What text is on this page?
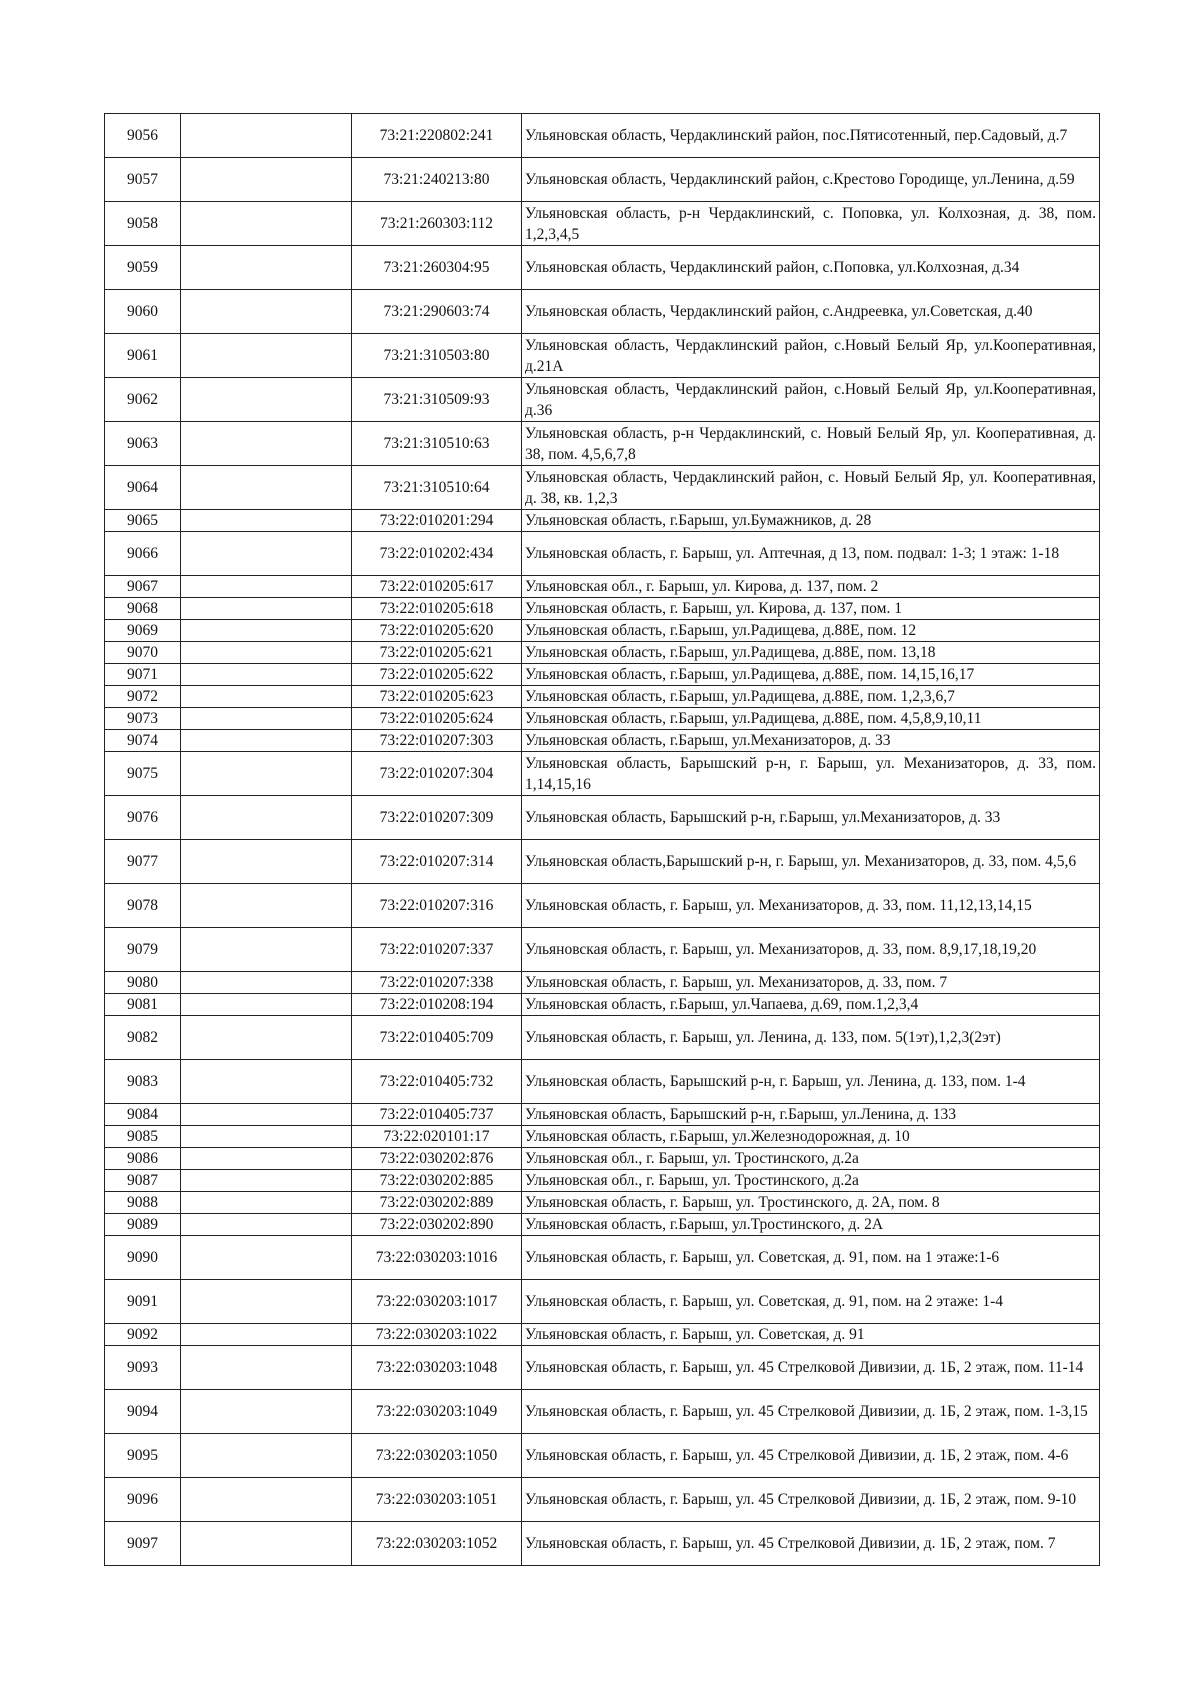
9056		73:21:220802:241	Ульяновская область, Чердаклинский район, пос.Пятисотенный, пер.Садовый, д.7
9057		73:21:240213:80	Ульяновская область, Чердаклинский район, с.Крестово Городище, ул.Ленина, д.59
9058		73:21:260303:112	Ульяновская область, р-н Чердаклинский, с. Поповка, ул. Колхозная, д. 38, пом. 1,2,3,4,5
9059		73:21:260304:95	Ульяновская область, Чердаклинский район, с.Поповка, ул.Колхозная, д.34
9060		73:21:290603:74	Ульяновская область, Чердаклинский район, с.Андреевка, ул.Советская, д.40
9061		73:21:310503:80	Ульяновская область, Чердаклинский район, с.Новый Белый Яр, ул.Кооперативная, д.21А
9062		73:21:310509:93	Ульяновская область, Чердаклинский район, с.Новый Белый Яр, ул.Кооперативная, д.36
9063		73:21:310510:63	Ульяновская область, р-н Чердаклинский, с. Новый Белый Яр, ул. Кооперативная, д. 38, пом. 4,5,6,7,8
9064		73:21:310510:64	Ульяновская область, Чердаклинский район, с. Новый Белый Яр, ул. Кооперативная, д. 38, кв. 1,2,3
9065		73:22:010201:294	Ульяновская область, г.Барыш, ул.Бумажников, д. 28
9066		73:22:010202:434	Ульяновская область, г. Барыш, ул. Аптечная, д 13, пом. подвал: 1-3; 1 этаж: 1-18
9067		73:22:010205:617	Ульяновская обл., г. Барыш, ул. Кирова, д. 137, пом. 2
9068		73:22:010205:618	Ульяновская область, г. Барыш, ул. Кирова, д. 137, пом. 1
9069		73:22:010205:620	Ульяновская область, г.Барыш, ул.Радищева, д.88Е, пом. 12
9070		73:22:010205:621	Ульяновская область, г.Барыш, ул.Радищева, д.88Е, пом. 13,18
9071		73:22:010205:622	Ульяновская область, г.Барыш, ул.Радищева, д.88Е, пом. 14,15,16,17
9072		73:22:010205:623	Ульяновская область, г.Барыш, ул.Радищева, д.88Е, пом. 1,2,3,6,7
9073		73:22:010205:624	Ульяновская область, г.Барыш, ул.Радищева, д.88Е, пом. 4,5,8,9,10,11
9074		73:22:010207:303	Ульяновская область, г.Барыш, ул.Механизаторов, д. 33
9075		73:22:010207:304	Ульяновская область, Барышский р-н, г. Барыш, ул. Механизаторов, д. 33, пом. 1,14,15,16
9076		73:22:010207:309	Ульяновская область, Барышский р-н, г.Барыш, ул.Механизаторов, д. 33
9077		73:22:010207:314	Ульяновская область,Барышский р-н, г. Барыш, ул. Механизаторов, д. 33, пом. 4,5,6
9078		73:22:010207:316	Ульяновская область, г. Барыш, ул. Механизаторов, д. 33, пом. 11,12,13,14,15
9079		73:22:010207:337	Ульяновская область, г. Барыш, ул. Механизаторов, д. 33, пом. 8,9,17,18,19,20
9080		73:22:010207:338	Ульяновская область, г. Барыш, ул. Механизаторов, д. 33, пом. 7
9081		73:22:010208:194	Ульяновская область, г.Барыш, ул.Чапаева, д.69, пом.1,2,3,4
9082		73:22:010405:709	Ульяновская область, г. Барыш, ул. Ленина, д. 133, пом. 5(1эт),1,2,3(2эт)
9083		73:22:010405:732	Ульяновская область, Барышский р-н, г. Барыш, ул. Ленина, д. 133, пом. 1-4
9084		73:22:010405:737	Ульяновская область, Барышский р-н, г.Барыш, ул.Ленина, д. 133
9085		73:22:020101:17	Ульяновская область, г.Барыш, ул.Железнодорожная, д. 10
9086		73:22:030202:876	Ульяновская обл., г. Барыш, ул. Тростинского, д.2а
9087		73:22:030202:885	Ульяновская обл., г. Барыш, ул. Тростинского, д.2а
9088		73:22:030202:889	Ульяновская область, г. Барыш, ул. Тростинского, д. 2А, пом. 8
9089		73:22:030202:890	Ульяновская область, г.Барыш, ул.Тростинского, д. 2А
9090		73:22:030203:1016	Ульяновская область, г. Барыш, ул. Советская, д. 91, пом. на 1 этаже:1-6
9091		73:22:030203:1017	Ульяновская область, г. Барыш, ул. Советская, д. 91, пом. на 2 этаже: 1-4
9092		73:22:030203:1022	Ульяновская область, г. Барыш, ул. Советская, д. 91
9093		73:22:030203:1048	Ульяновская область, г. Барыш, ул. 45 Стрелковой Дивизии, д. 1Б, 2 этаж, пом. 11-14
9094		73:22:030203:1049	Ульяновская область, г. Барыш, ул. 45 Стрелковой Дивизии, д. 1Б, 2 этаж, пом. 1-3,15
9095		73:22:030203:1050	Ульяновская область, г. Барыш, ул. 45 Стрелковой Дивизии, д. 1Б, 2 этаж, пом. 4-6
9096		73:22:030203:1051	Ульяновская область, г. Барыш, ул. 45 Стрелковой Дивизии, д. 1Б, 2 этаж, пом. 9-10
9097		73:22:030203:1052	Ульяновская область, г. Барыш, ул. 45 Стрелковой Дивизии, д. 1Б, 2 этаж, пом. 7
